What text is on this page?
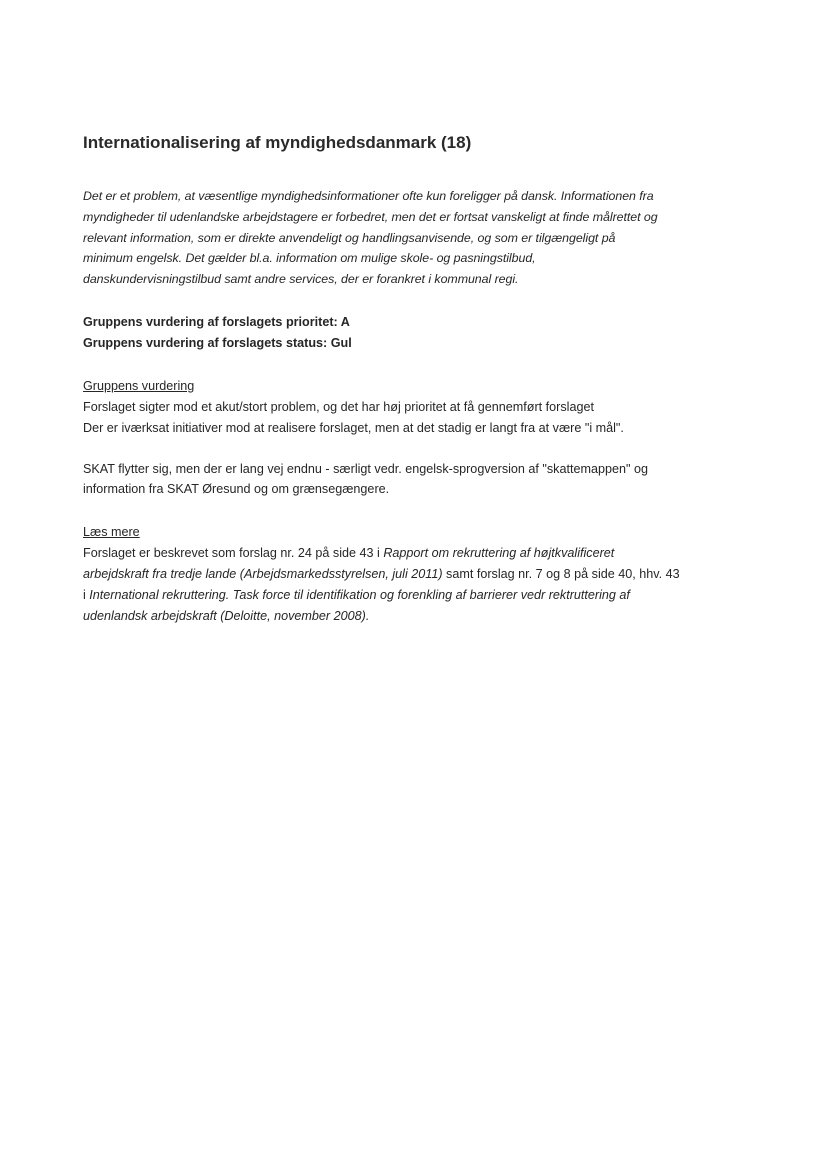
Internationalisering af myndighedsdanmark (18)
Det er et problem, at væsentlige myndighedsinformationer ofte kun foreligger på dansk. Informationen fra
myndigheder til udenlandske arbejdstagere er forbedret, men det er fortsat vanskeligt at finde målrettet og
relevant information, som er direkte anvendeligt og handlingsanvisende, og som er tilgængeligt på
minimum engelsk. Det gælder bl.a. information om mulige skole- og pasningstilbud,
danskundervisningstilbud samt andre services, der er forankret i kommunal regi.
Gruppens vurdering af forslagets prioritet: A
Gruppens vurdering af forslagets status: Gul
Gruppens vurdering
Forslaget sigter mod et akut/stort problem, og det har høj prioritet at få gennemført forslaget
Der er iværksat initiativer mod at realisere forslaget, men at det stadig er langt fra at være "i mål".
SKAT flytter sig, men der er lang vej endnu - særligt vedr. engelsk-sprogversion af "skattemappen" og
information fra SKAT Øresund og om grænsegængere.
Læs mere
Forslaget er beskrevet som forslag nr. 24 på side 43 i Rapport om rekruttering af højtkvalificeret
arbejdskraft fra tredje lande (Arbejdsmarkedsstyrelsen, juli 2011) samt forslag nr. 7 og 8 på side 40, hhv. 43
i International rekruttering. Task force til identifikation og forenkling af barrierer vedr rektruttering af
udenlandsk arbejdskraft (Deloitte, november 2008).
